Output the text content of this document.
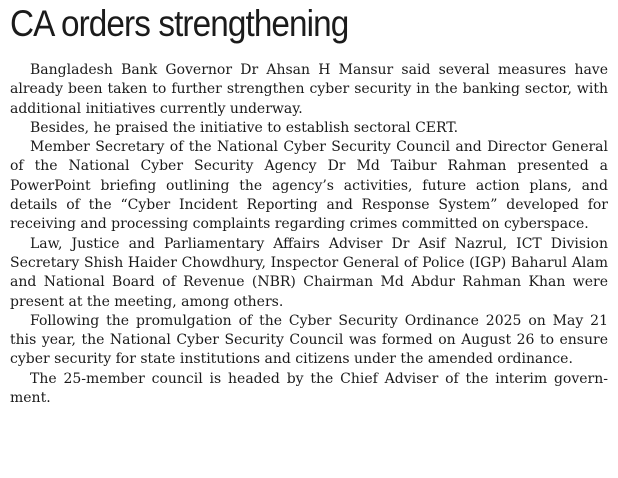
CA orders strengthening

Bangladesh Bank Governor Dr Ahsan H Mansur said several measures have already been taken to further strengthen cyber security in the banking sector, with additional initiatives currently underway.

Besides, he praised the initiative to establish sectoral CERT.

Member Secretary of the National Cyber Security Council and Director General of the National Cyber Security Agency Dr Md Taibur Rahman presented a PowerPoint briefing outlining the agency’s activities, future action plans, and details of the “Cyber Incident Reporting and Response System” developed for receiving and processing complaints regarding crimes committed on cyberspace.

Law, Justice and Parliamentary Affairs Adviser Dr Asif Nazrul, ICT Division Secretary Shish Haider Chowdhury, Inspector General of Police (IGP) Baharul Alam and National Board of Revenue (NBR) Chairman Md Abdur Rahman Khan were present at the meeting, among others.

Following the promulgation of the Cyber Security Ordinance 2025 on May 21 this year, the National Cyber Security Council was formed on August 26 to ensure cyber security for state institutions and citizens under the amended ordinance.

The 25-member council is headed by the Chief Adviser of the interim government.
